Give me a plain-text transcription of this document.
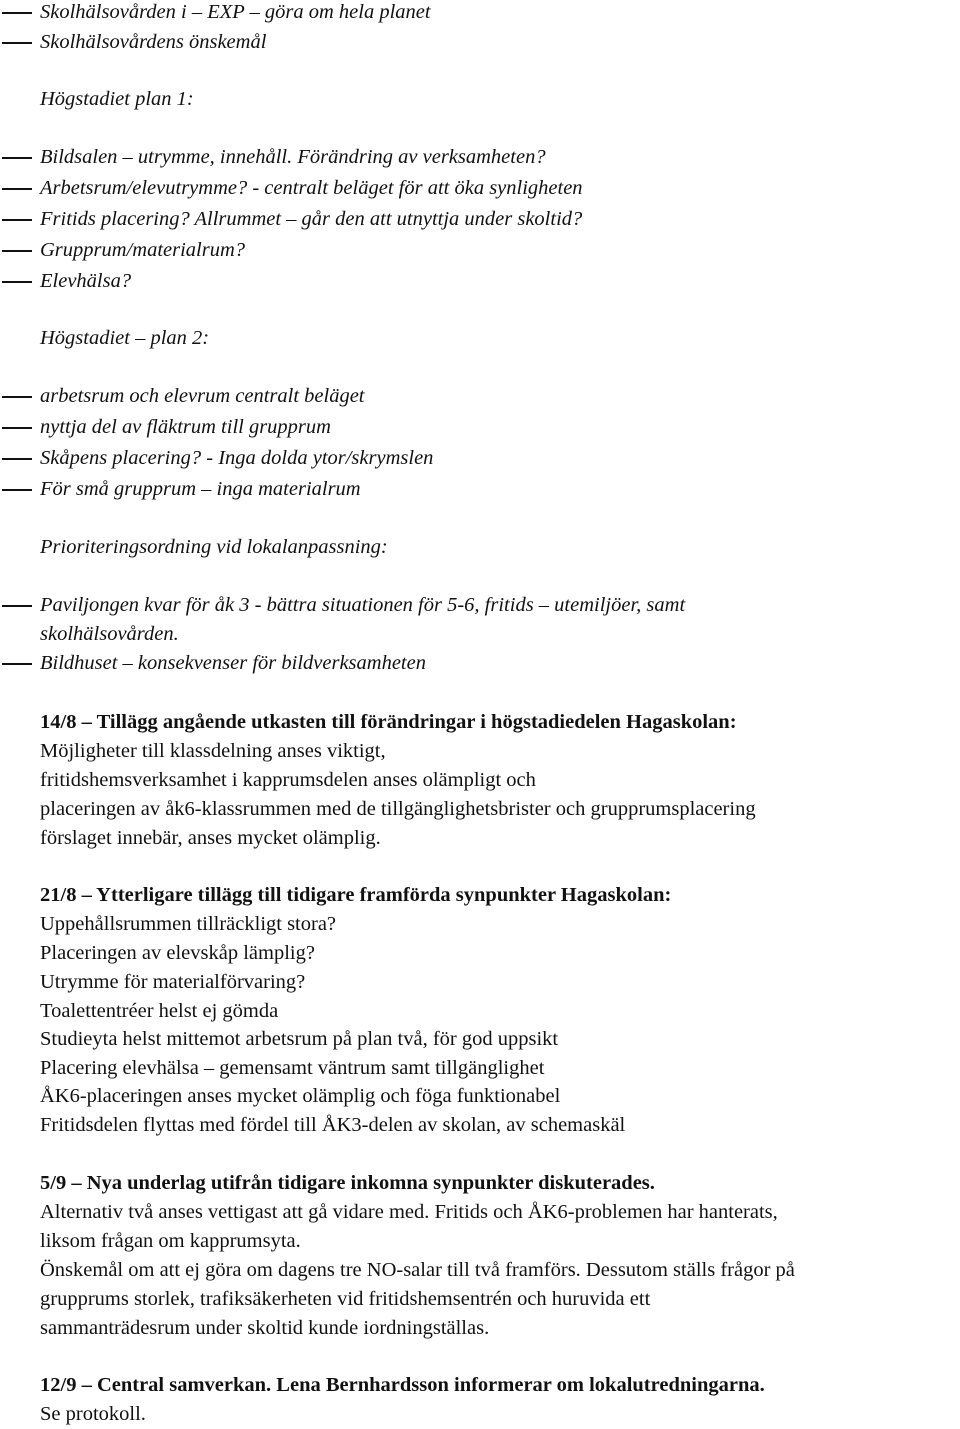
Skolhälsovården i – EXP – göra om hela planet
Skolhälsovårdens önskemål
Högstadiet plan 1:
Bildsalen – utrymme, innehåll. Förändring av verksamheten?
Arbetsrum/elevutrymme? - centralt beläget för att öka synligheten
Fritids placering? Allrummet – går den att utnyttja under skoltid?
Grupprum/materialrum?
Elevhälsa?
Högstadiet – plan 2:
arbetsrum och elevrum centralt beläget
nyttja del av fläktrum till grupprum
Skåpens placering? - Inga dolda ytor/skrymslen
För små grupprum – inga materialrum
Prioriteringsordning vid lokalanpassning:
Paviljongen kvar för åk 3 - bättra situationen för 5-6, fritids – utemiljöer, samt
skolhälsovården.
Bildhuset – konsekvenser för bildverksamheten
14/8 – Tillägg angående utkasten till förändringar i högstadiedelen Hagaskolan:
Möjligheter till klassdelning anses viktigt,
fritidshemsverksamhet i kapprumsdelen anses olämpligt och
placeringen av åk6-klassrummen med de tillgänglighetsbrister och grupprumsplacering
förslaget innebär, anses mycket olämplig.
21/8 – Ytterligare tillägg till tidigare framförda synpunkter Hagaskolan:
Uppehållsrummen tillräckligt stora?
Placeringen av elevskåp lämplig?
Utrymme för materialförvaring?
Toalettentréer helst ej gömda
Studieyta helst mittemot arbetsrum på plan två, för god uppsikt
Placering elevhälsa – gemensamt väntrum samt tillgänglighet
ÅK6-placeringen anses mycket olämplig och föga funktionabel
Fritidsdelen flyttas med fördel till ÅK3-delen av skolan, av schemaskäl
5/9 – Nya underlag utifrån tidigare inkomna synpunkter diskuterades.
Alternativ två anses vettigast att gå vidare med. Fritids och ÅK6-problemen har hanterats,
liksom frågan om kapprumsyta.
Önskemål om att ej göra om dagens tre NO-salar till två framförs. Dessutom ställs frågor på
grupprums storlek, trafiksäkerheten vid fritidshemsentrén och huruvida ett
sammanträdesrum under skoltid kunde iordningställas.
12/9 – Central samverkan. Lena Bernhardsson informerar om lokalutredningarna.
Se protokoll.
